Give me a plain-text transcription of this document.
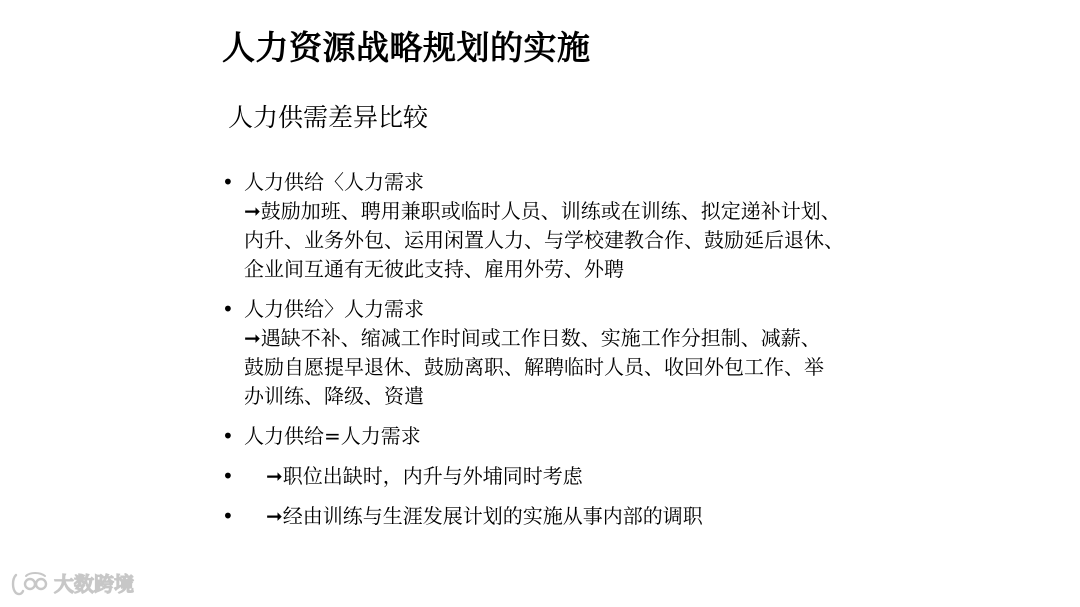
人力资源战略规划的实施
人力供需差异比较
• 人力供给〈人力需求
➞鼓励加班、聘用兼职或临时人员、训练或在训练、拟定递补计划、
内升、业务外包、运用闲置人力、与学校建教合作、鼓励延后退休、
企业间互通有无彼此支持、雇用外劳、外聘
• 人力供给〉人力需求
➞遇缺不补、缩减工作时间或工作日数、实施工作分担制、减薪、
鼓励自愿提早退休、鼓励离职、解聘临时人员、收回外包工作、举
办训练、降级、资遣
• 人力供给=人力需求
•	➞职位出缺时，内升与外埔同时考虑
•	➞经由训练与生涯发展计划的实施从事内部的调职
大数跨境
